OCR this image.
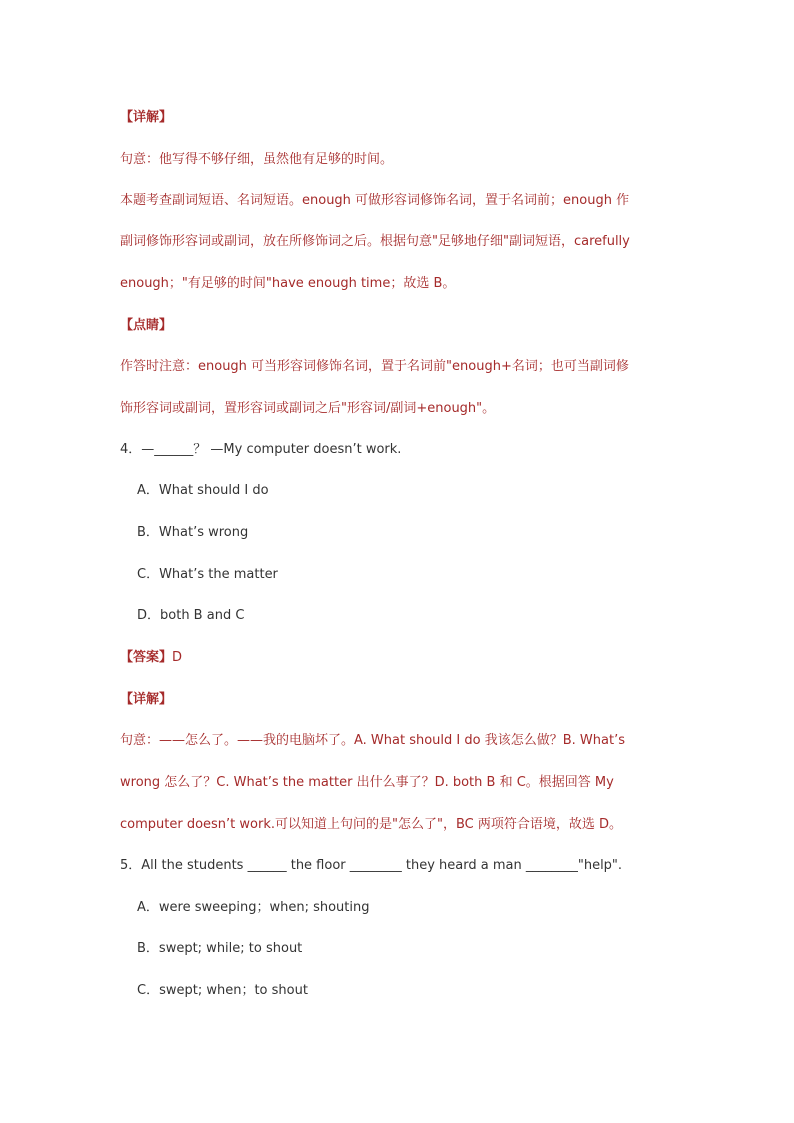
【详解】
句意：他写得不够仔细，虽然他有足够的时间。
本题考查副词短语、名词短语。enough 可做形容词修饰名词，置于名词前；enough 作
副词修饰形容词或副词，放在所修饰词之后。根据句意"足够地仔细"副词短语，carefully
enough；"有足够的时间"have enough time；故选 B。
【点睛】
作答时注意：enough 可当形容词修饰名词，置于名词前"enough+名词；也可当副词修
饰形容词或副词，置形容词或副词之后"形容词/副词+enough"。
4．—______？ —My computer doesn’t work.
A．What should I do
B．What’s wrong
C．What’s the matter
D．both B and C
【答案】D
【详解】
句意：——怎么了。——我的电脑坏了。A. What should I do 我该怎么做？B. What’s
wrong 怎么了？C. What’s the matter 出什么事了？D. both B 和 C。根据回答 My
computer doesn’t work.可以知道上句问的是"怎么了"，BC 两项符合语境，故选 D。
5．All the students ______ the floor ________ they heard a man ________"help".
A．were sweeping；when; shouting
B．swept; while; to shout
C．swept; when；to shout
